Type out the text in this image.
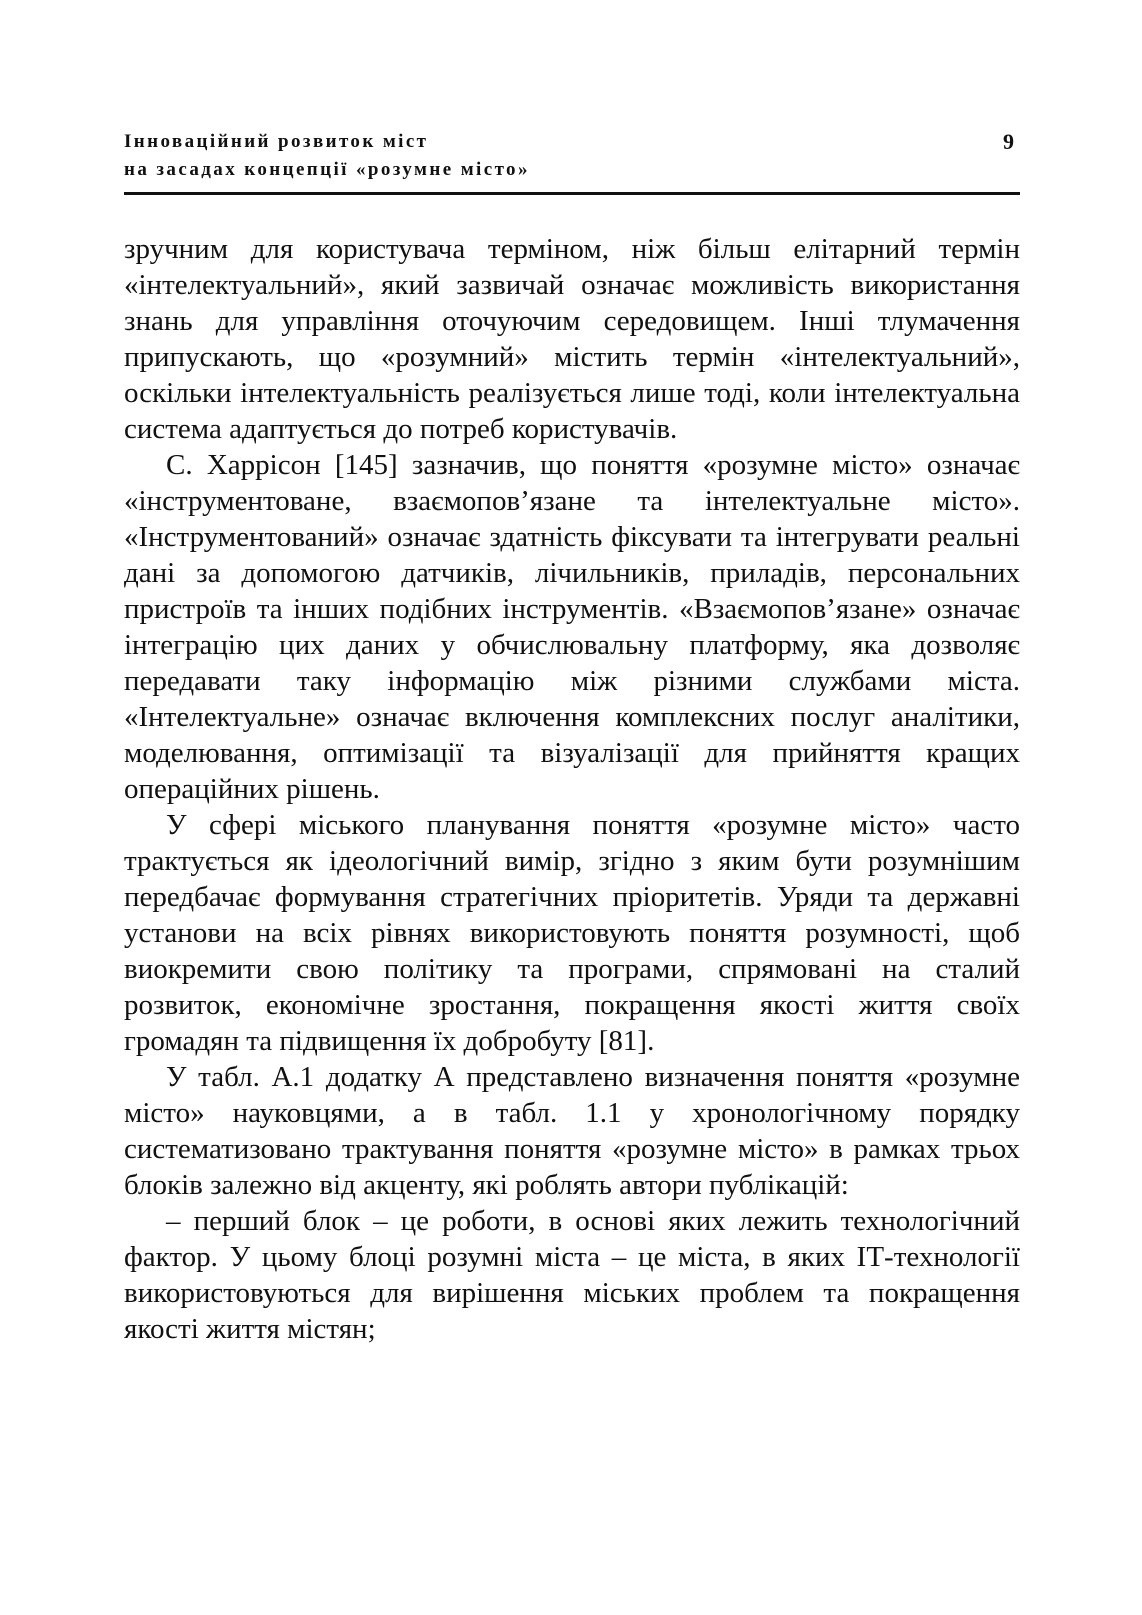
Інноваційний розвиток міст
на засадах концепції «розумне місто»
9

зручним для користувача терміном, ніж більш елітарний термін «інтелектуальний», який зазвичай означає можливість використання знань для управління оточуючим середовищем. Інші тлумачення припускають, що «розумний» містить термін «інтелектуальний», оскільки інтелектуальність реалізується лише тоді, коли інтелектуальна система адаптується до потреб користувачів.

С. Харрісон [145] зазначив, що поняття «розумне місто» означає «інструментоване, взаємопов’язане та інтелектуальне місто». «Інструментований» означає здатність фіксувати та інтегрувати реальні дані за допомогою датчиків, лічильників, приладів, персональних пристроїв та інших подібних інструментів. «Взаємопов’язане» означає інтеграцію цих даних у обчислювальну платформу, яка дозволяє передавати таку інформацію між різними службами міста. «Інтелектуальне» означає включення комплексних послуг аналітики, моделювання, оптимізації та візуалізації для прийняття кращих операційних рішень.

У сфері міського планування поняття «розумне місто» часто трактується як ідеологічний вимір, згідно з яким бути розумнішим передбачає формування стратегічних пріоритетів. Уряди та державні установи на всіх рівнях використовують поняття розумності, щоб виокремити свою політику та програми, спрямовані на сталий розвиток, економічне зростання, покращення якості життя своїх громадян та підвищення їх добробуту [81].

У табл. А.1 додатку А представлено визначення поняття «розумне місто» науковцями, а в табл. 1.1 у хронологічному порядку систематизовано трактування поняття «розумне місто» в рамках трьох блоків залежно від акценту, які роблять автори публікацій:

– перший блок – це роботи, в основі яких лежить технологічний фактор. У цьому блоці розумні міста – це міста, в яких ІТ-технології використовуються для вирішення міських проблем та покращення якості життя містян;
